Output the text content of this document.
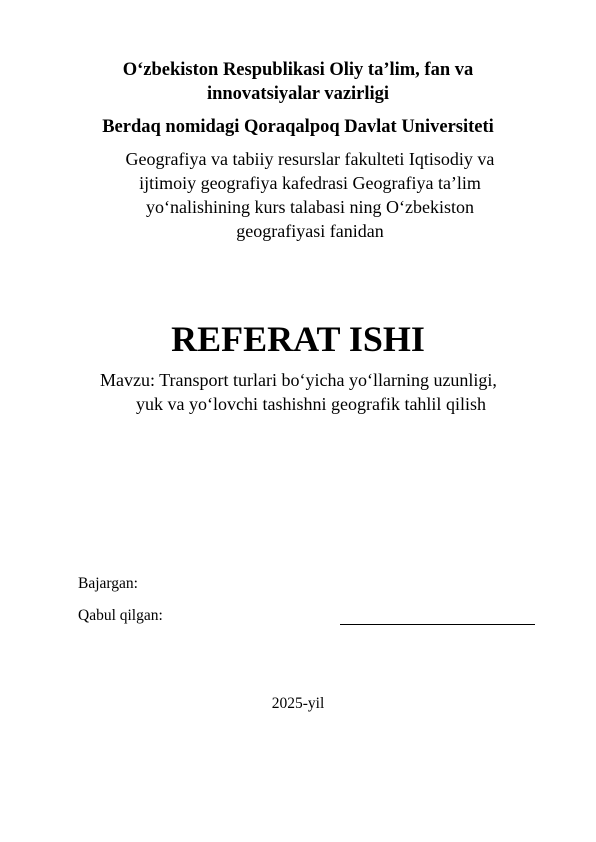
O‘zbekiston Respublikasi Oliy ta’lim, fan va
innovatsiyalar vazirligi
Berdaq nomidagi Qoraqalpoq Davlat Universiteti
Geografiya va tabiiy resurslar fakulteti Iqtisodiy va
ijtimoiy geografiya kafedrasi Geografiya ta’lim
yo‘nalishining kurs talabasi ning O‘zbekiston
geografiyasi fanidan
REFERAT ISHI
Mavzu: Transport turlari bo‘yicha yo‘llarning uzunligi,
yuk va yo‘lovchi tashishni geografik tahlil qilish
Bajargan:
Qabul qilgan:
2025-yil
